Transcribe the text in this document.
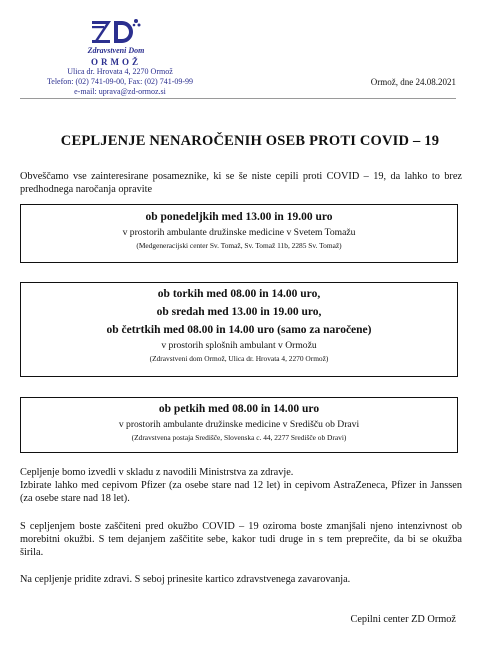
Zdravstveni Dom
ORMOŽ
Ulica dr. Hrovata 4, 2270 Ormož
Telefon: (02) 741-09-00, Fax: (02) 741-09-99
e-mail: uprava@zd-ormoz.si
Ormož, dne 24.08.2021
CEPLJENJE NENAROČENIH OSEB PROTI COVID – 19
Obveščamo vse zainteresirane posameznike, ki se še niste cepili proti COVID – 19, da lahko to brez predhodnega naročanja opravite
ob ponedeljkih med 13.00 in 19.00 uro
v prostorih ambulante družinske medicine v Svetem Tomažu
(Medgeneracijski center Sv. Tomaž, Sv. Tomaž 11b, 2285 Sv. Tomaž)
ob torkih med 08.00 in 14.00 uro,
ob sredah med 13.00 in 19.00 uro,
ob četrtkih med 08.00 in 14.00 uro (samo za naročene)
v prostorih splošnih ambulant v Ormožu
(Zdravstveni dom Ormož, Ulica dr. Hrovata 4, 2270 Ormož)
ob petkih med 08.00 in 14.00 uro
v prostorih ambulante družinske medicine v Središču ob Dravi
(Zdravstvena postaja Središče, Slovenska c. 44, 2277 Središče ob Dravi)
Cepljenje bomo izvedli v skladu z navodili Ministrstva za zdravje.
Izbirate lahko med cepivom Pfizer (za osebe stare nad 12 let) in cepivom AstraZeneca, Pfizer in Janssen (za osebe stare nad 18 let).
S cepljenjem boste zaščiteni pred okužbo COVID – 19 oziroma boste zmanjšali njeno intenzivnost ob morebitni okužbi. S tem dejanjem zaščitite sebe, kakor tudi druge in s tem preprečite, da bi se okužba širila.
Na cepljenje pridite zdravi. S seboj prinesite kartico zdravstvenega zavarovanja.
Cepilni center ZD Ormož
